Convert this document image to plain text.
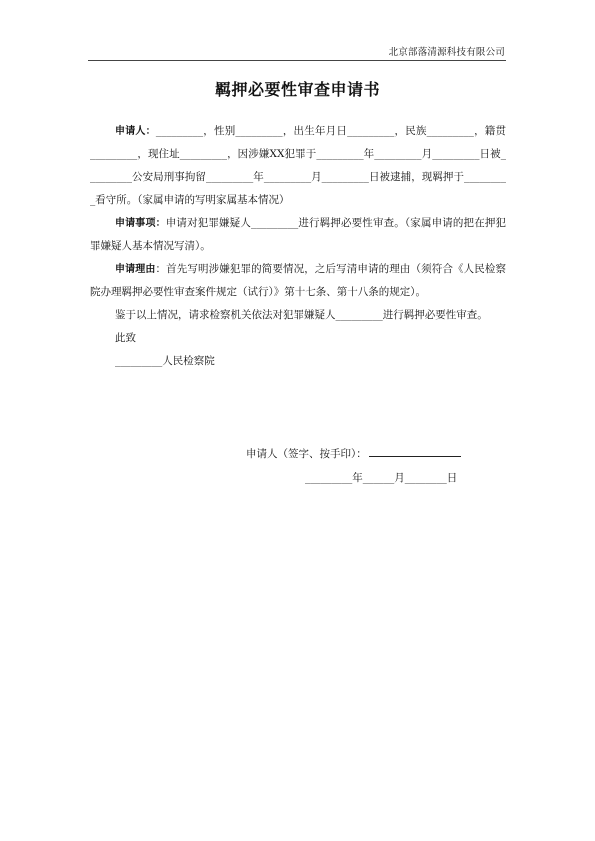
北京部落清源科技有限公司
羁押必要性审查申请书

申请人：_________，性别_________，出生年月日_________，民族_________，籍贯_________，现住址_________，因涉嫌XX犯罪于_________年_________月_________日被_________公安局刑事拘留_________年_________月_________日被逮捕，现羁押于_________看守所。（家属申请的写明家属基本情况）

申请事项：申请对犯罪嫌疑人_________进行羁押必要性审查。（家属申请的把在押犯罪嫌疑人基本情况写清）。

申请理由：首先写明涉嫌犯罪的简要情况，之后写清申请的理由（须符合《人民检察院办理羁押必要性审查案件规定（试行）》第十七条、第十八条的规定）。

鉴于以上情况，请求检察机关依法对犯罪嫌疑人_________进行羁押必要性审查。

此致

_________人民检察院

申请人（签字、按手印）：
_________年______月________日
